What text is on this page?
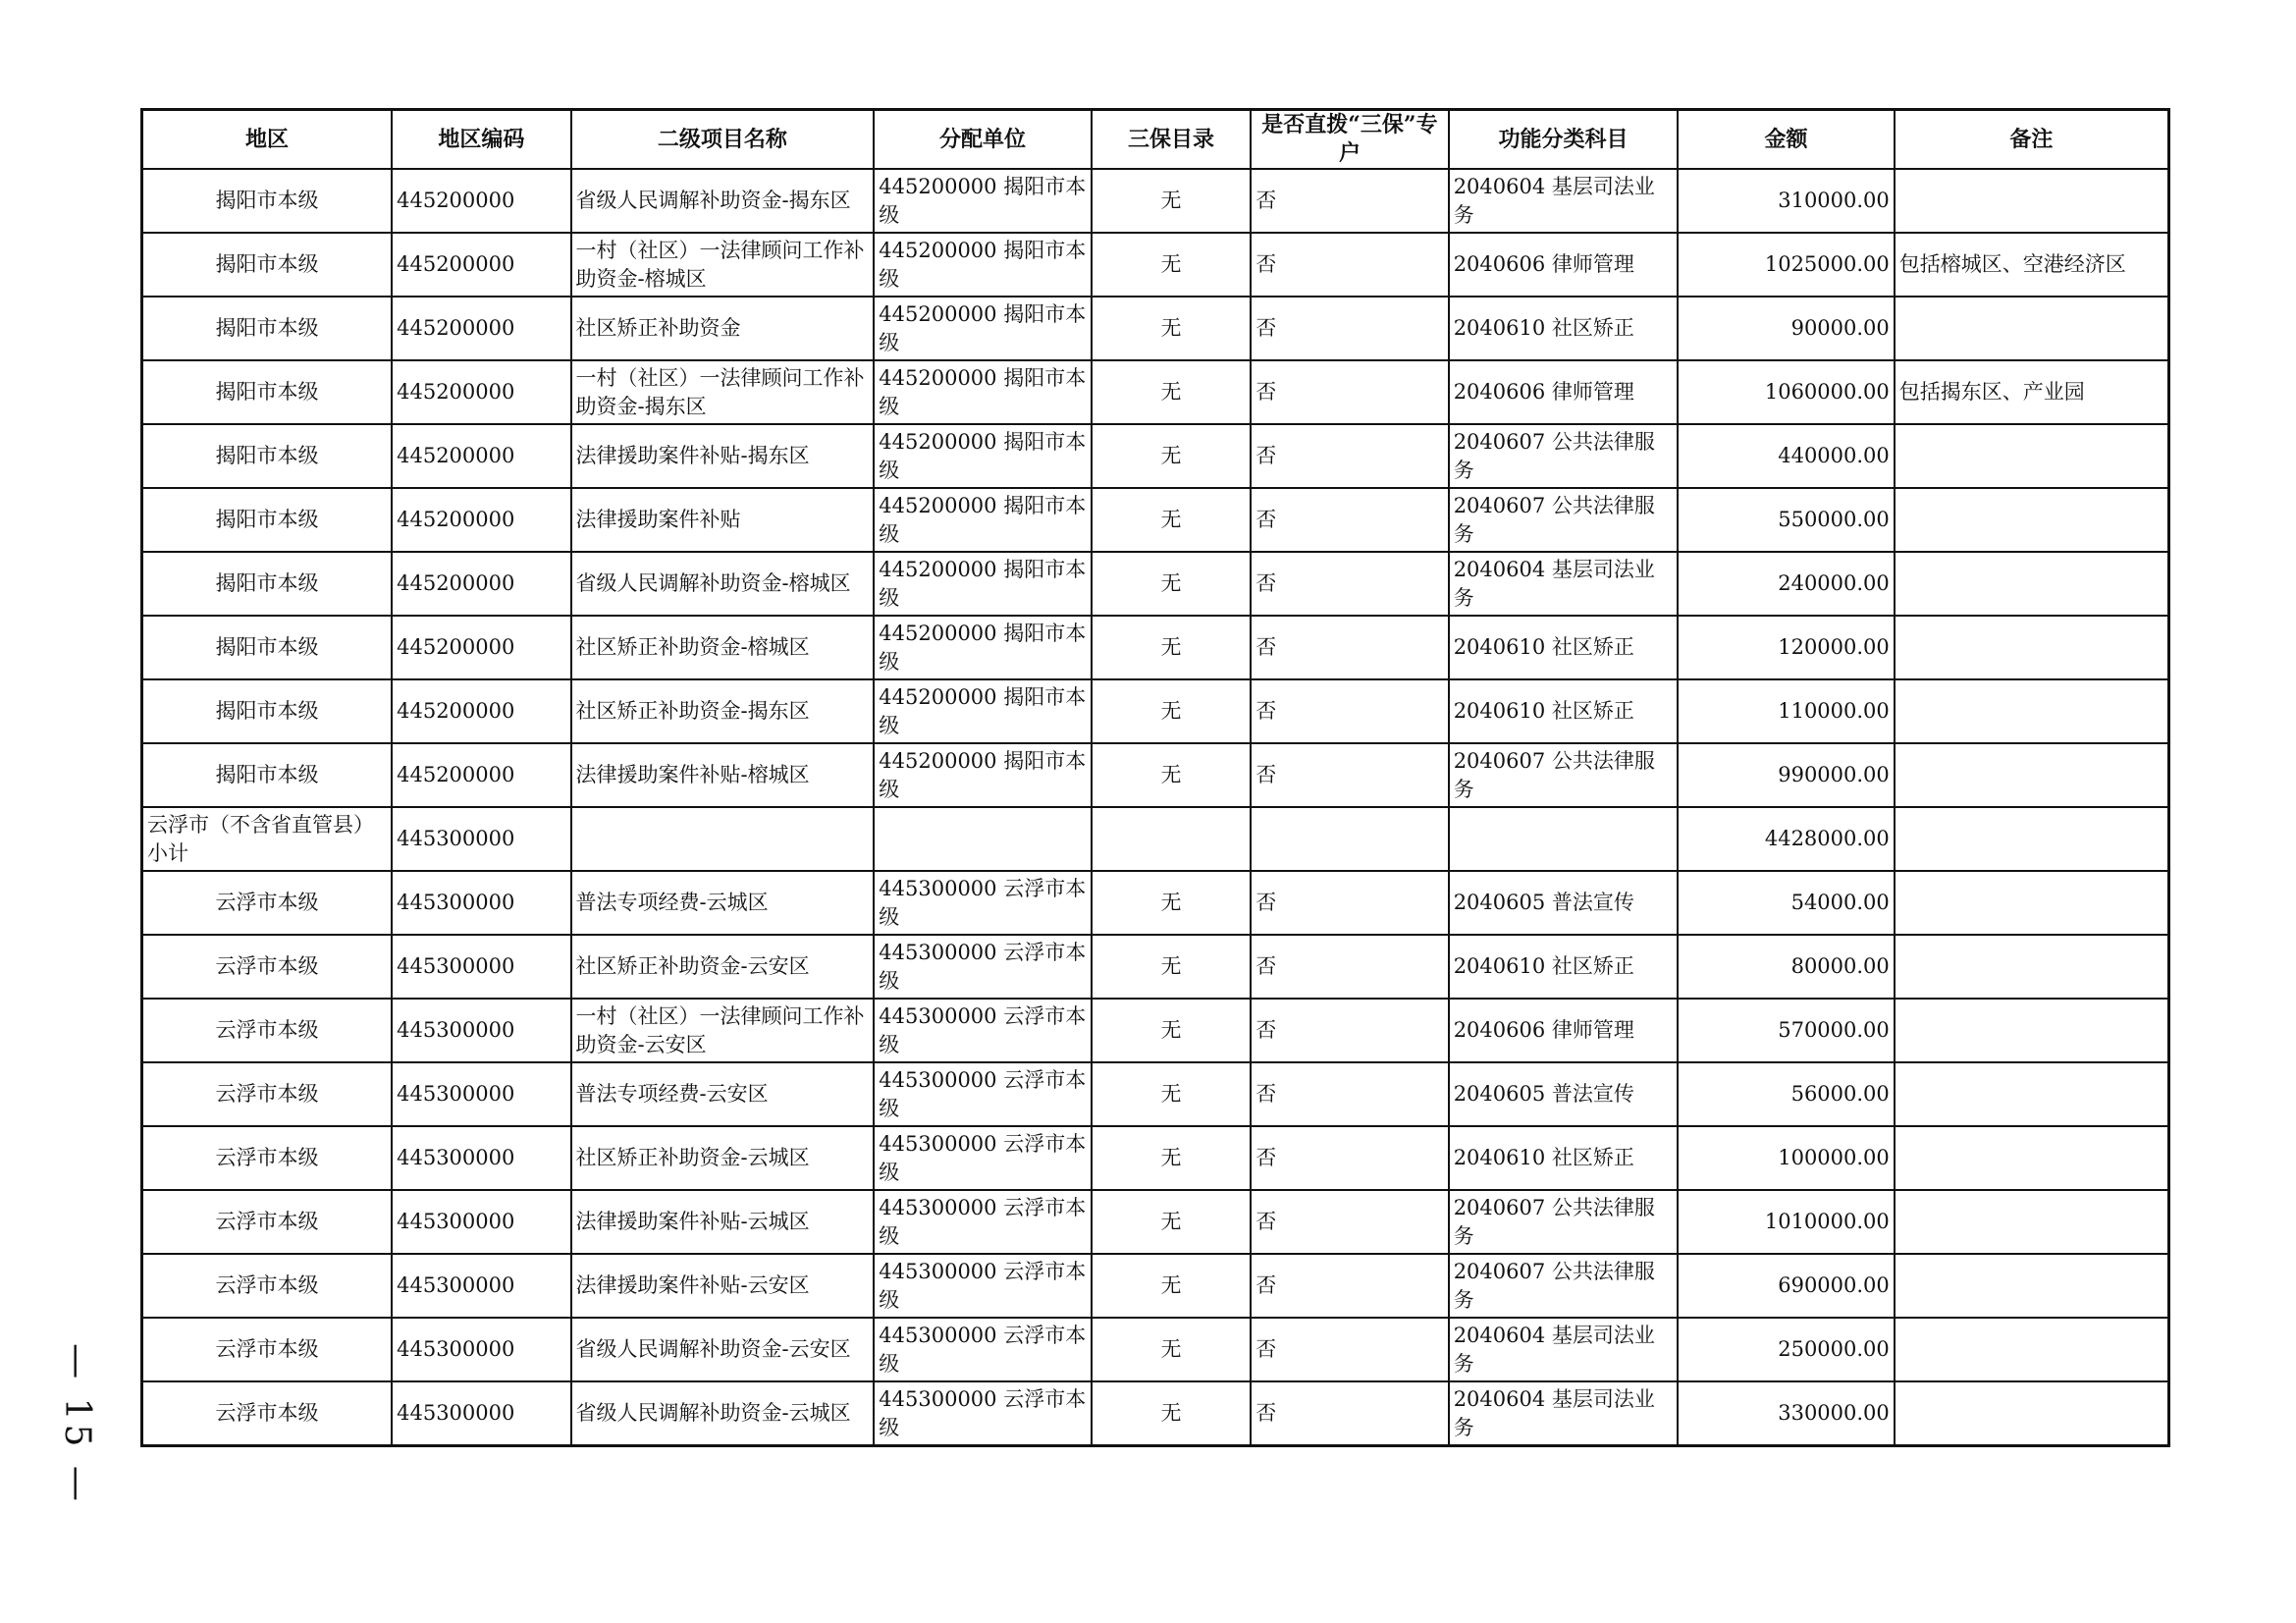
地区	地区编码	二级项目名称	分配单位	三保目录	是否直拨“三保”专户	功能分类科目	金额	备注
揭阳市本级	445200000	省级人民调解补助资金-揭东区	445200000 揭阳市本级	无	否	2040604 基层司法业务	310000.00	
揭阳市本级	445200000	一村（社区）一法律顾问工作补助资金-榕城区	445200000 揭阳市本级	无	否	2040606 律师管理	1025000.00	包括榕城区、空港经济区
揭阳市本级	445200000	社区矫正补助资金	445200000 揭阳市本级	无	否	2040610 社区矫正	90000.00	
揭阳市本级	445200000	一村（社区）一法律顾问工作补助资金-揭东区	445200000 揭阳市本级	无	否	2040606 律师管理	1060000.00	包括揭东区、产业园
揭阳市本级	445200000	法律援助案件补贴-揭东区	445200000 揭阳市本级	无	否	2040607 公共法律服务	440000.00	
揭阳市本级	445200000	法律援助案件补贴	445200000 揭阳市本级	无	否	2040607 公共法律服务	550000.00	
揭阳市本级	445200000	省级人民调解补助资金-榕城区	445200000 揭阳市本级	无	否	2040604 基层司法业务	240000.00	
揭阳市本级	445200000	社区矫正补助资金-榕城区	445200000 揭阳市本级	无	否	2040610 社区矫正	120000.00	
揭阳市本级	445200000	社区矫正补助资金-揭东区	445200000 揭阳市本级	无	否	2040610 社区矫正	110000.00	
揭阳市本级	445200000	法律援助案件补贴-榕城区	445200000 揭阳市本级	无	否	2040607 公共法律服务	990000.00	
云浮市（不含省直管县）小计	445300000						4428000.00	
云浮市本级	445300000	普法专项经费-云城区	445300000 云浮市本级	无	否	2040605 普法宣传	54000.00	
云浮市本级	445300000	社区矫正补助资金-云安区	445300000 云浮市本级	无	否	2040610 社区矫正	80000.00	
云浮市本级	445300000	一村（社区）一法律顾问工作补助资金-云安区	445300000 云浮市本级	无	否	2040606 律师管理	570000.00	
云浮市本级	445300000	普法专项经费-云安区	445300000 云浮市本级	无	否	2040605 普法宣传	56000.00	
云浮市本级	445300000	社区矫正补助资金-云城区	445300000 云浮市本级	无	否	2040610 社区矫正	100000.00	
云浮市本级	445300000	法律援助案件补贴-云城区	445300000 云浮市本级	无	否	2040607 公共法律服务	1010000.00	
云浮市本级	445300000	法律援助案件补贴-云安区	445300000 云浮市本级	无	否	2040607 公共法律服务	690000.00	
云浮市本级	445300000	省级人民调解补助资金-云安区	445300000 云浮市本级	无	否	2040604 基层司法业务	250000.00	
云浮市本级	445300000	省级人民调解补助资金-云城区	445300000 云浮市本级	无	否	2040604 基层司法业务	330000.00	
— 15 —
